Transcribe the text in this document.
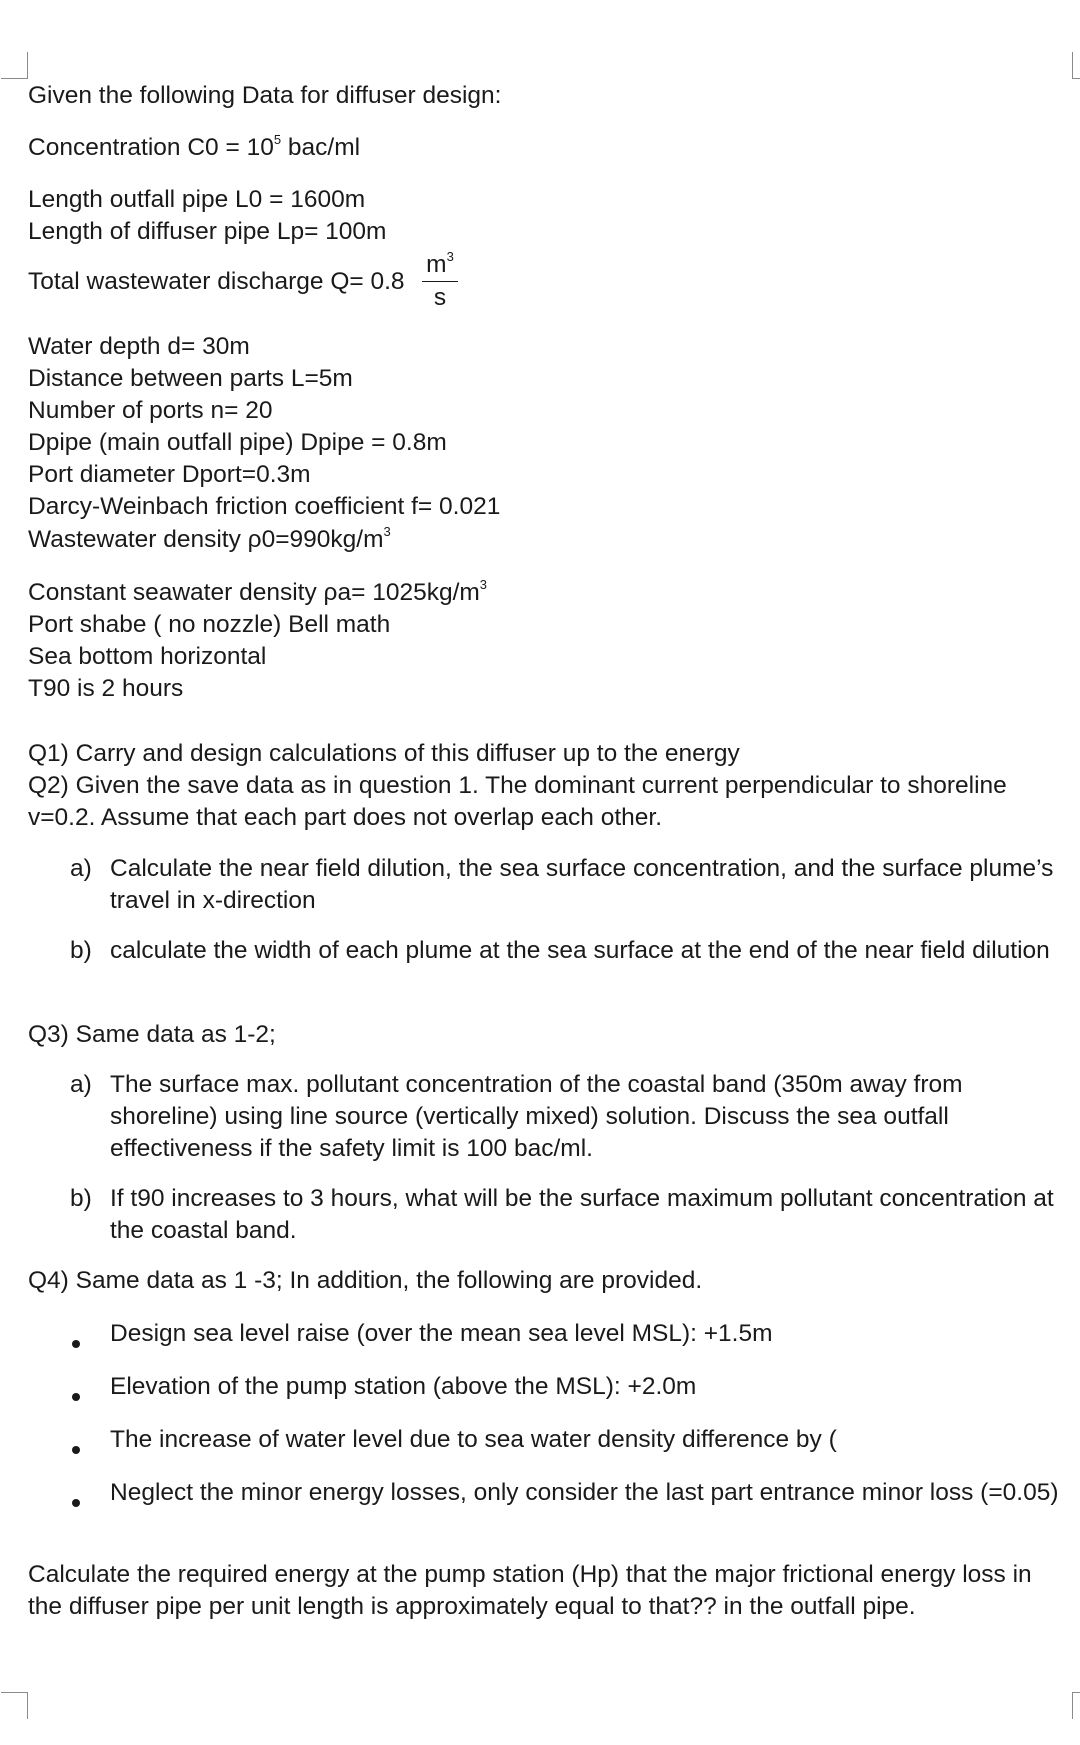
Given the following Data for diffuser design:
Concentration $C0 = 10^5$ bac/ml
Length outfall pipe L0 = 1600m
Length of diffuser pipe Lp= 100m
Total wastewater discharge Q= 0.8
$m^3$
s
Water depth d= 30m
Distance between parts L=5m
Number of ports n= 20
Dpipe (main outfall pipe) Dpipe = 0.8m
Port diameter Dport=0.3m
Darcy-Weinbach friction coefficient f= 0.021
Wastewater density $\rho 0=990kg/m^3$
Constant seawater density $\rho a= 1025kg/m^3$
Port shabe ( no nozzle) Bell math
Sea bottom horizontal
T90 is 2 hours
Q1) Carry and design calculations of this diffuser up to the energy
Q2) Given the save data as in question 1. The dominant current perpendicular to shoreline
v=0.2. Assume that each part does not overlap each other.
a) Calculate the near field dilution, the sea surface concentration, and the surface plume’s travel in x-direction
b) calculate the width of each plume at the sea surface at the end of the near field dilution
Q3) Same data as 1-2;
a) The surface max. pollutant concentration of the coastal band (350m away from shoreline) using line source (vertically mixed) solution. Discuss the sea outfall effectiveness if the safety limit is 100 bac/ml.
b) If t90 increases to 3 hours, what will be the surface maximum pollutant concentration at the coastal band.
Q4) Same data as 1 -3; In addition, the following are provided.
Design sea level raise (over the mean sea level MSL): +1.5m
Elevation of the pump station (above the MSL): +2.0m
The increase of water level due to sea water density difference by (
Neglect the minor energy losses, only consider the last part entrance minor loss (=0.05)
Calculate the required energy at the pump station (Hp) that the major frictional energy loss in the diffuser pipe per unit length is approximately equal to that?? in the outfall pipe.
